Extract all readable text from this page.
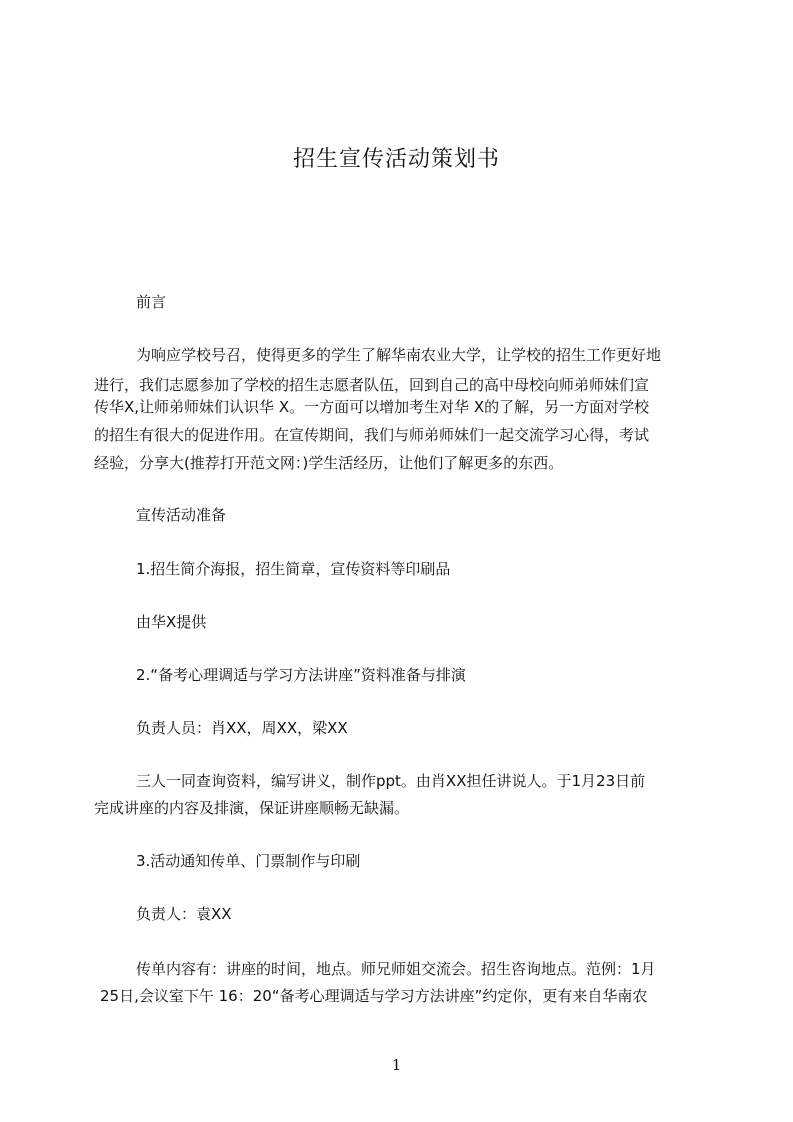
招生宣传活动策划书
前言
为响应学校号召，使得更多的学生了解华南农业大学，让学校的招生工作更好地
进行，我们志愿参加了学校的招生志愿者队伍，回到自己的高中母校向师弟师妹们宣
传华X,让师弟师妹们认识华 X。一方面可以增加考生对华 X的了解，另一方面对学校
的招生有很大的促进作用。在宣传期间，我们与师弟师妹们一起交流学习心得，考试
经验，分享大(推荐打开范文网：)学生活经历，让他们了解更多的东西。
宣传活动准备
1.招生简介海报，招生简章，宣传资料等印刷品
由华X提供
2.“备考心理调适与学习方法讲座”资料准备与排演
负责人员：肖XX，周XX，梁XX
三人一同查询资料，编写讲义，制作ppt。由肖XX担任讲说人。于1月23日前
完成讲座的内容及排演，保证讲座顺畅无缺漏。
3.活动通知传单、门票制作与印刷
负责人：袁XX
传单内容有：讲座的时间，地点。师兄师姐交流会。招生咨询地点。范例：1月
25日,会议室下午 16：20“备考心理调适与学习方法讲座”约定你，更有来自华南农
1
